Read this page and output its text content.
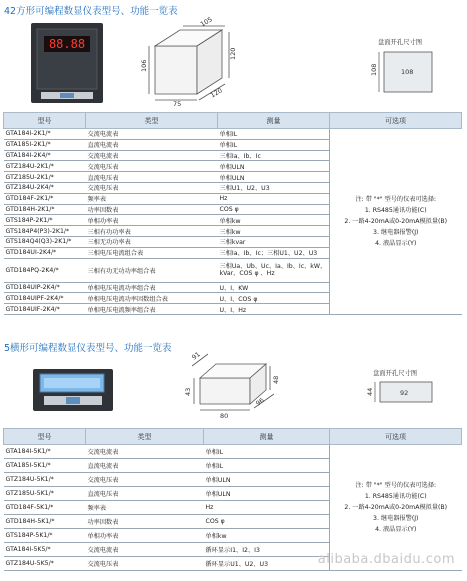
42方形可编程数显仪表型号、功能一览表
88.88
106
75
105
120
120
盘面开孔尺寸图
108	108
型号	类型	测量	可选项
GTA184I-2K1/*	交流电流表	单相IL	注: 带 "*" 型号的仪表可选择:
1. RS485通讯功能(C)
2. 一路4-20mA或0-20mA模拟量(B)
3. 继电器报警(J)
4. 液晶显示(Y)

GTA185I-2K1/*	直流电流表	单相IL	
GTA184I-2K4/*	交流电流表	三相Ia、Ib、Ic	
GTZ184U-2K1/*	交流电压表	单相ULN	
GTZ185U-2K1/*	直流电压表	单相ULN	
GTZ184U-2K4/*	交流电压表	三相U1、U2、U3	
GTD184F-2K1/*	频率表	Hz	
GTD184H-2K1/*	功率因数表	COS φ	
GTS184P-2K1/*	单相功率表	单相kw	
GTS184P4(P3)-2K1/*	三相有功功率表	三相kw	
GTS184Q4(Q3)-2K1/*	三相无功功率表	三相kvar	
GTD184UI-2K4/*	三相电压电流组合表	三相Ia、Ib、Ic；三相U1、U2、U3	
GTD184PQ-2K4/*	三相有功无功功率组合表	三相Ua、Ub、Uc、Ia、Ib、Ic、kW、kVar、COS φ 、Hz	
GTD184UIP-2K4/*	单相电压电流功率组合表	U、I、KW	
GTD184UIPF-2K4/*	单相电压电流功率因数组合表	U、I、COS φ	
GTD184UIF-2K4/*	单相电压电流频率组合表	U、I、Hz	
5横形可编程数显仪表型号、功能一览表
43
80
91
96
48
盘面开孔尺寸图
44	92
型号	类型	测量	可选项
GTA184I-5K1/*	交流电流表	单相IL	注: 带 "*" 型号的仪表可选择:
1. RS485通讯功能(C)
2. 一路4-20mA或0-20mA模拟量(B)
3. 继电器报警(J)
4. 液晶显示(Y)

GTA185I-5K1/*	直流电流表	单相IL	
GTZ184U-5K1/*	交流电压表	单相ULN	
GTZ185U-5K1/*	直流电压表	单相ULN	
GTD184F-5K1/*	频率表	Hz	
GTD184H-5K1/*	功率因数表	COS φ	
GTS184P-5K1/*	单相功率表	单相kw	
GTA184I-5K5/*	交流电流表	循环显示I1、I2、I3	
GTZ184U-5K5/*	交流电压表	循环显示U1、U2、U3		alibaba.dbaidu.com
